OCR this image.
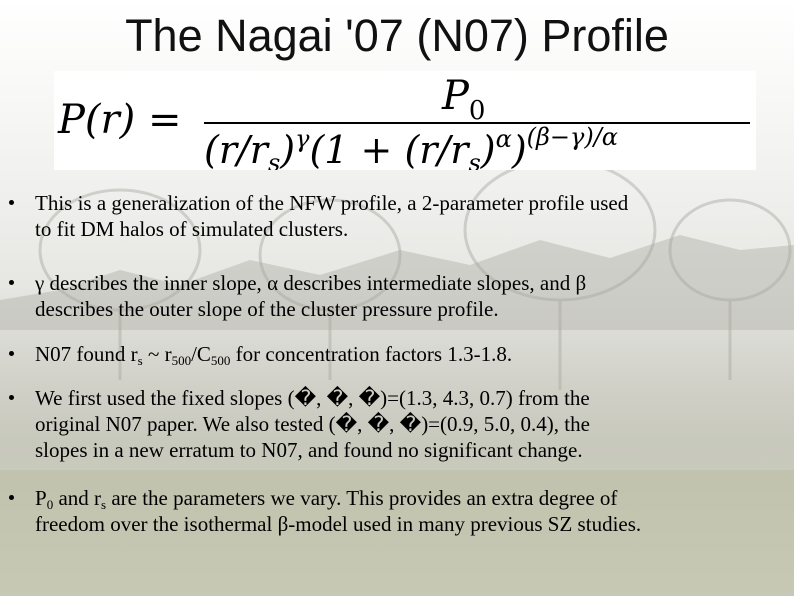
The Nagai '07 (N07) Profile
P(r) =
$P_0$
$(r/r_s)^\gamma(1 + (r/r_s)^\alpha)^{(\beta-\gamma)/\alpha}$
This is a generalization of the NFW profile, a 2-parameter profile used
to fit DM halos of simulated clusters.
γ describes the inner slope, α describes intermediate slopes, and β
describes the outer slope of the cluster pressure profile.
N07 found $r_s$ ~ $r_{500}/C_{500}$ for concentration factors 1.3-1.8.
We first used the fixed slopes (�, �, �)=(1.3, 4.3, 0.7) from the
original N07 paper. We also tested (�, �, �)=(0.9, 5.0, 0.4), the
slopes in a new erratum to N07, and found no significant change.
$P_0$ and $r_s$ are the parameters we vary. This provides an extra degree of
freedom over the isothermal β-model used in many previous SZ studies.
